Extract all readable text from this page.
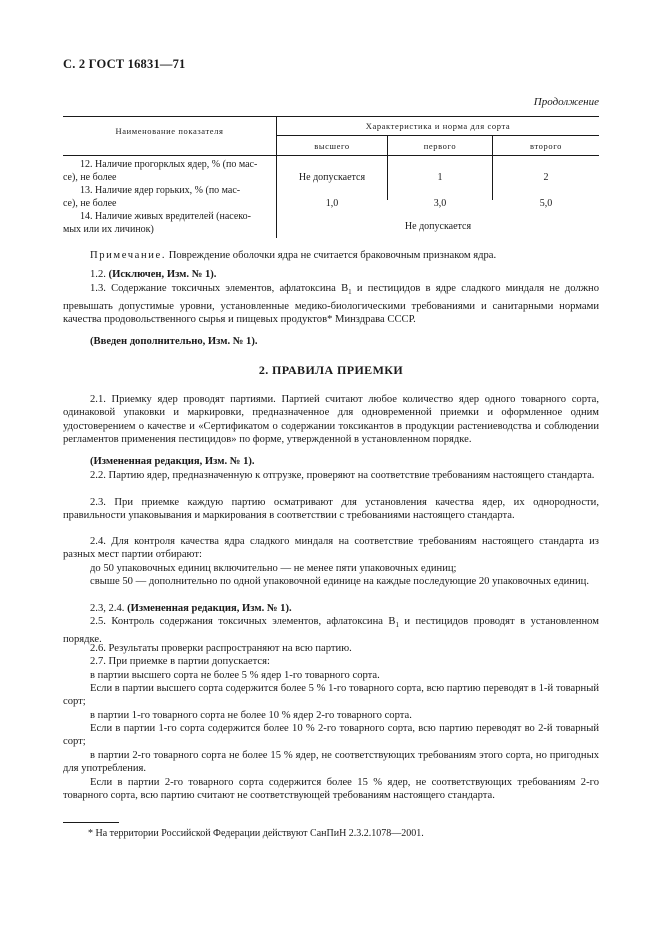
С. 2 ГОСТ 16831—71
Продолжение
Наименование показателя	Характеристика и норма для сорта
высшего	первого	второго
12. Наличие прогорклых ядер, % (по мас-
се), не более	Не допускается	1	2
13. Наличие ядер горьких, % (по мас-
се), не более	1,0	3,0	5,0
14. Наличие живых вредителей (насеко-
мых или их личинок)	Не допускается

Примечание. Повреждение оболочки ядра не считается браковочным признаком ядра.

1.2. (Исключен, Изм. № 1).

1.3. Содержание токсичных элементов, афлатоксина $B_1$ и пестицидов в ядре сладкого миндаля не должно превышать допустимые уровни, установленные медико-биологическими требованиями и санитарными нормами качества продовольственного сырья и пищевых продуктов* Минздрава СССР.

(Введен дополнительно, Изм. № 1).

2. ПРАВИЛА ПРИЕМКИ

2.1. Приемку ядер проводят партиями. Партией считают любое количество ядер одного товарного сорта, одинаковой упаковки и маркировки, предназначенное для одновременной приемки и оформленное одним удостоверением о качестве и «Сертификатом о содержании токсикантов в продукции растениеводства и соблюдении регламентов применения пестицидов» по форме, утвержденной в установленном порядке.

(Измененная редакция, Изм. № 1).

2.2. Партию ядер, предназначенную к отгрузке, проверяют на соответствие требованиям настоящего стандарта.

2.3. При приемке каждую партию осматривают для установления качества ядер, их однородности, правильности упаковывания и маркирования в соответствии с требованиями настоящего стандарта.

2.4. Для контроля качества ядра сладкого миндаля на соответствие требованиям настоящего стандарта из разных мест партии отбирают:

до 50 упаковочных единиц включительно — не менее пяти упаковочных единиц;

свыше 50 — дополнительно по одной упаковочной единице на каждые последующие 20 упаковочных единиц.

2.3, 2.4. (Измененная редакция, Изм. № 1).

2.5. Контроль содержания токсичных элементов, афлатоксина $B_1$ и пестицидов проводят в установленном порядке.

2.6. Результаты проверки распространяют на всю партию.

2.7. При приемке в партии допускается:

в партии высшего сорта не более 5 % ядер 1-го товарного сорта.

Если в партии высшего сорта содержится более 5 % 1-го товарного сорта, всю партию переводят в 1-й товарный сорт;

в партии 1-го товарного сорта не более 10 % ядер 2-го товарного сорта.

Если в партии 1-го сорта содержится более 10 % 2-го товарного сорта, всю партию переводят во 2-й товарный сорт;

в партии 2-го товарного сорта не более 15 % ядер, не соответствующих требованиям этого сорта, но пригодных для употребления.

Если в партии 2-го товарного сорта содержится более 15 % ядер, не соответствующих требованиям 2-го товарного сорта, всю партию считают не соответствующей требованиям настоящего стандарта.

* На территории Российской Федерации действуют СанПиН 2.3.2.1078—2001.
